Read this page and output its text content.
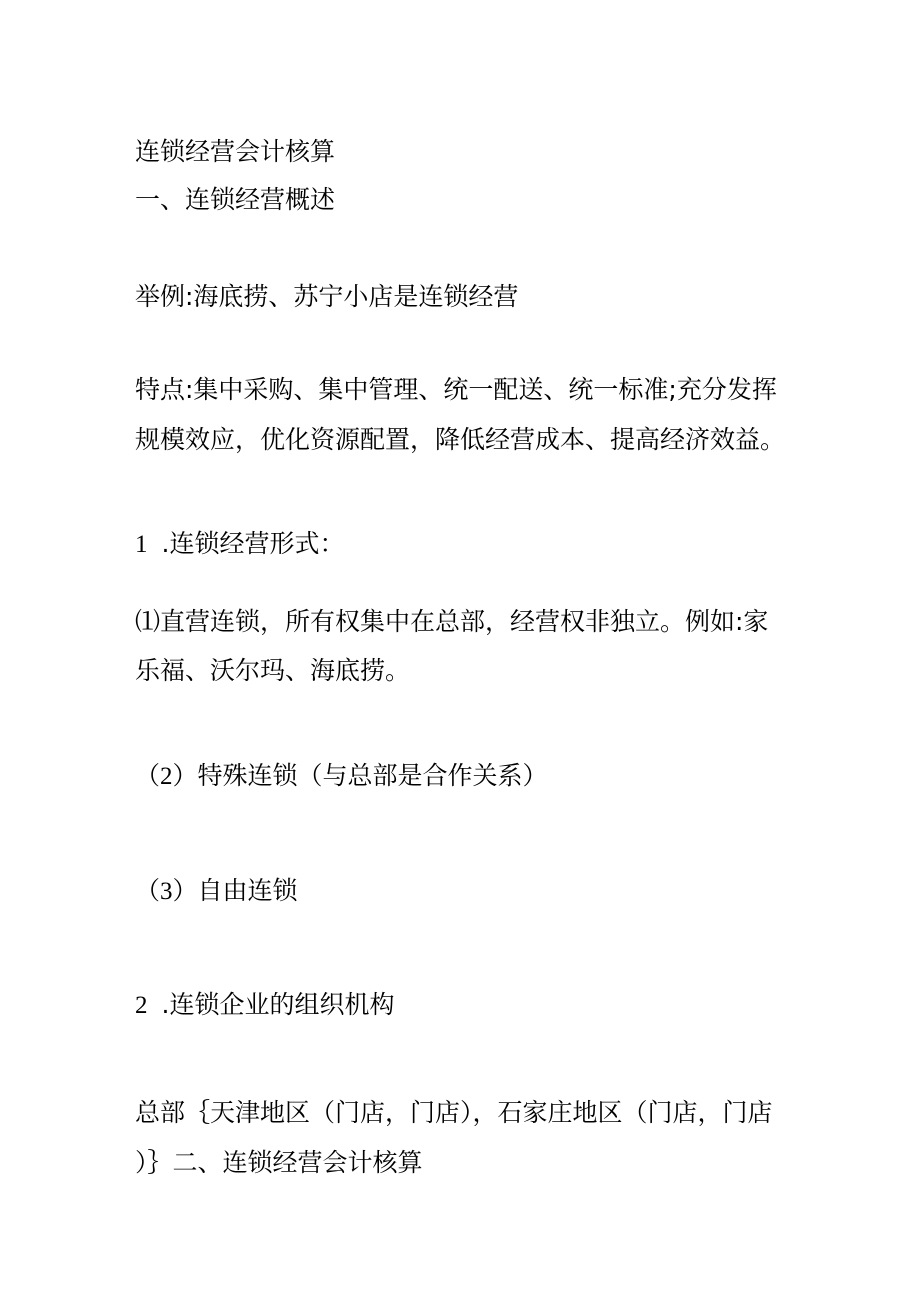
连锁经营会计核算
一、连锁经营概述
举例:海底捞、苏宁小店是连锁经营
特点:集中采购、集中管理、统一配送、统一标准;充分发挥
规模效应，优化资源配置，降低经营成本、提高经济效益。
1 .连锁经营形式：
⑴直营连锁，所有权集中在总部，经营权非独立。例如:家
乐福、沃尔玛、海底捞。
（2）特殊连锁（与总部是合作关系）
（3）自由连锁
2 .连锁企业的组织机构
总部｛天津地区（门店，门店），石家庄地区（门店，门店
）｝二、连锁经营会计核算
